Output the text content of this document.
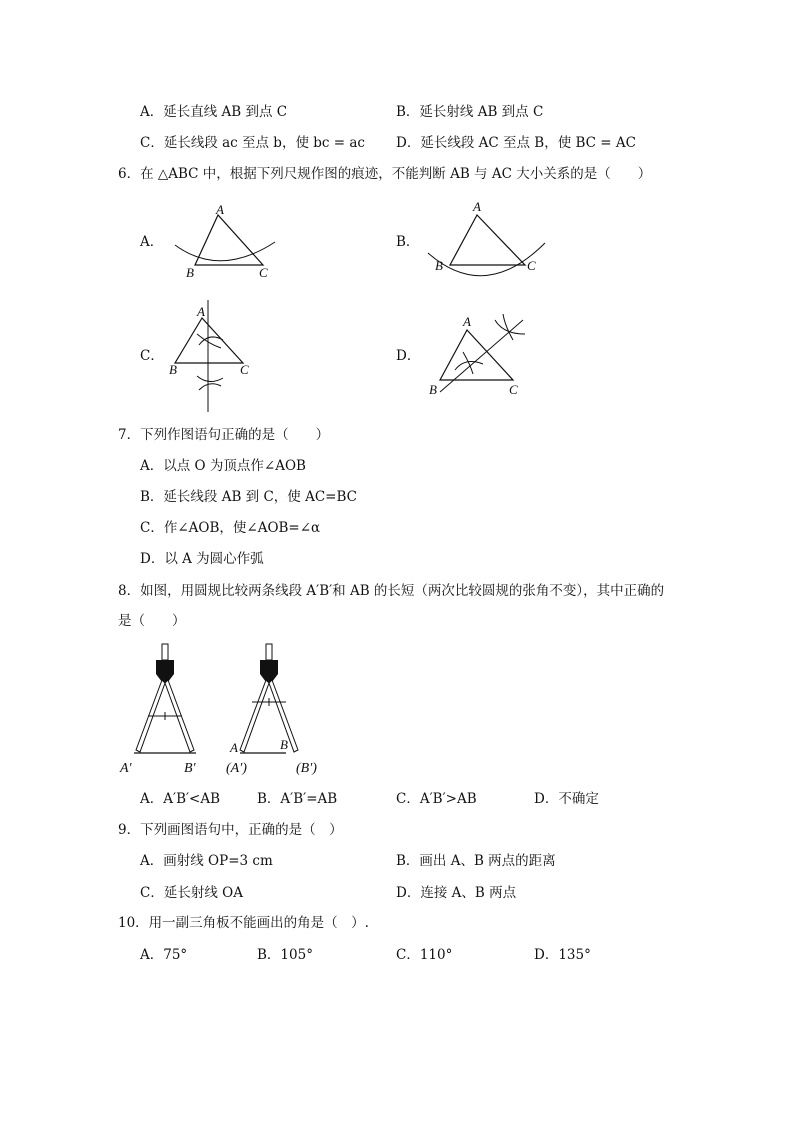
A．延长直线 AB 到点 C	B．延长射线 AB 到点 C
C．延长线段 ac 至点 b，使 bc = ac D．延长线段 AC 至点 B，使 BC = AC
6．在 △ABC 中，根据下列尺规作图的痕迹，不能判断 AB 与 AC 大小关系的是（　　）
A．
A
B	C
B．
A
B	C
C．
A
B	C
D．
A
B	C
7．下列作图语句正确的是（　　）
A．以点 O 为顶点作∠AOB
B．延长线段 AB 到 C，使 AC=BC
C．作∠AOB，使∠AOB=∠α
D．以 A 为圆心作弧
8．如图，用圆规比较两条线段 A′B′和 AB 的长短（两次比较圆规的张角不变），其中正确的
是（　　）
A′	B′
A	B
(A′)	(B′)
A．A′B′<AB	B．A′B′=AB	C．A′B′>AB	D．不确定
9．下列画图语句中，正确的是（　）
A．画射线 OP=3 cm	B．画出 A、B 两点的距离
C．延长射线 OA	D．连接 A、B 两点
10．用一副三角板不能画出的角是（　）.
A．75°	B．105°	C．110°	D．135°
